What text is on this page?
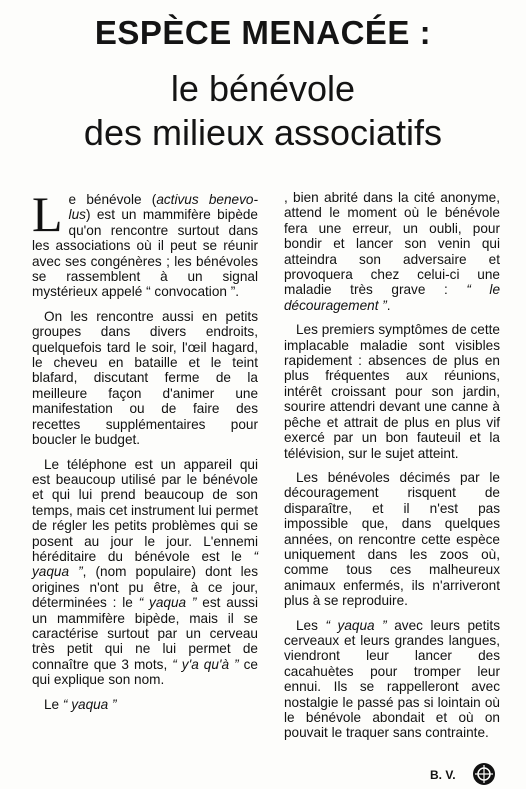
ESPÈCE MENACÉE :
le bénévole
des milieux associatifs

Le bénévole (activus benevo-lus) est un mammifère bipède qu'on rencontre surtout dans les associations où il peut se réunir avec ses congénères ; les bénévoles se rassemblent à un signal mystérieux appelé “ convocation ”.

On les rencontre aussi en petits groupes dans divers endroits, quelquefois tard le soir, l'œil hagard, le cheveu en bataille et le teint blafard, discutant ferme de la meilleure façon d'animer une manifestation ou de faire des recettes supplémentaires pour boucler le budget.

Le téléphone est un appareil qui est beaucoup utilisé par le bénévole et qui lui prend beaucoup de son temps, mais cet instrument lui permet de régler les petits problèmes qui se posent au jour le jour. L'ennemi héréditaire du bénévole est le “ yaqua ”, (nom populaire) dont les origines n'ont pu être, à ce jour, déterminées : le “ yaqua ” est aussi un mammifère bipède, mais il se caractérise surtout par un cerveau très petit qui ne lui permet de connaître que 3 mots, “ y'a qu'à ” ce qui explique son nom.

Le “ yaqua ”

, bien abrité dans la cité anonyme, attend le moment où le bénévole fera une erreur, un oubli, pour bondir et lancer son venin qui atteindra son adversaire et provoquera chez celui-ci une maladie très grave : “ le découragement ”.

Les premiers symptômes de cette implacable maladie sont visibles rapidement : absences de plus en plus fréquentes aux réunions, intérêt croissant pour son jardin, sourire attendri devant une canne à pêche et attrait de plus en plus vif exercé par un bon fauteuil et la télévision, sur le sujet atteint.

Les bénévoles décimés par le découragement risquent de disparaître, et il n'est pas impossible que, dans quelques années, on rencontre cette espèce uniquement dans les zoos où, comme tous ces malheureux animaux enfermés, ils n'arriveront plus à se reproduire.

Les “ yaqua ” avec leurs petits cerveaux et leurs grandes langues, viendront leur lancer des cacahuètes pour tromper leur ennui. Ils se rappelleront avec nostalgie le passé pas si lointain où le bénévole abondait et où on pouvait le traquer sans contrainte.

B. V.
